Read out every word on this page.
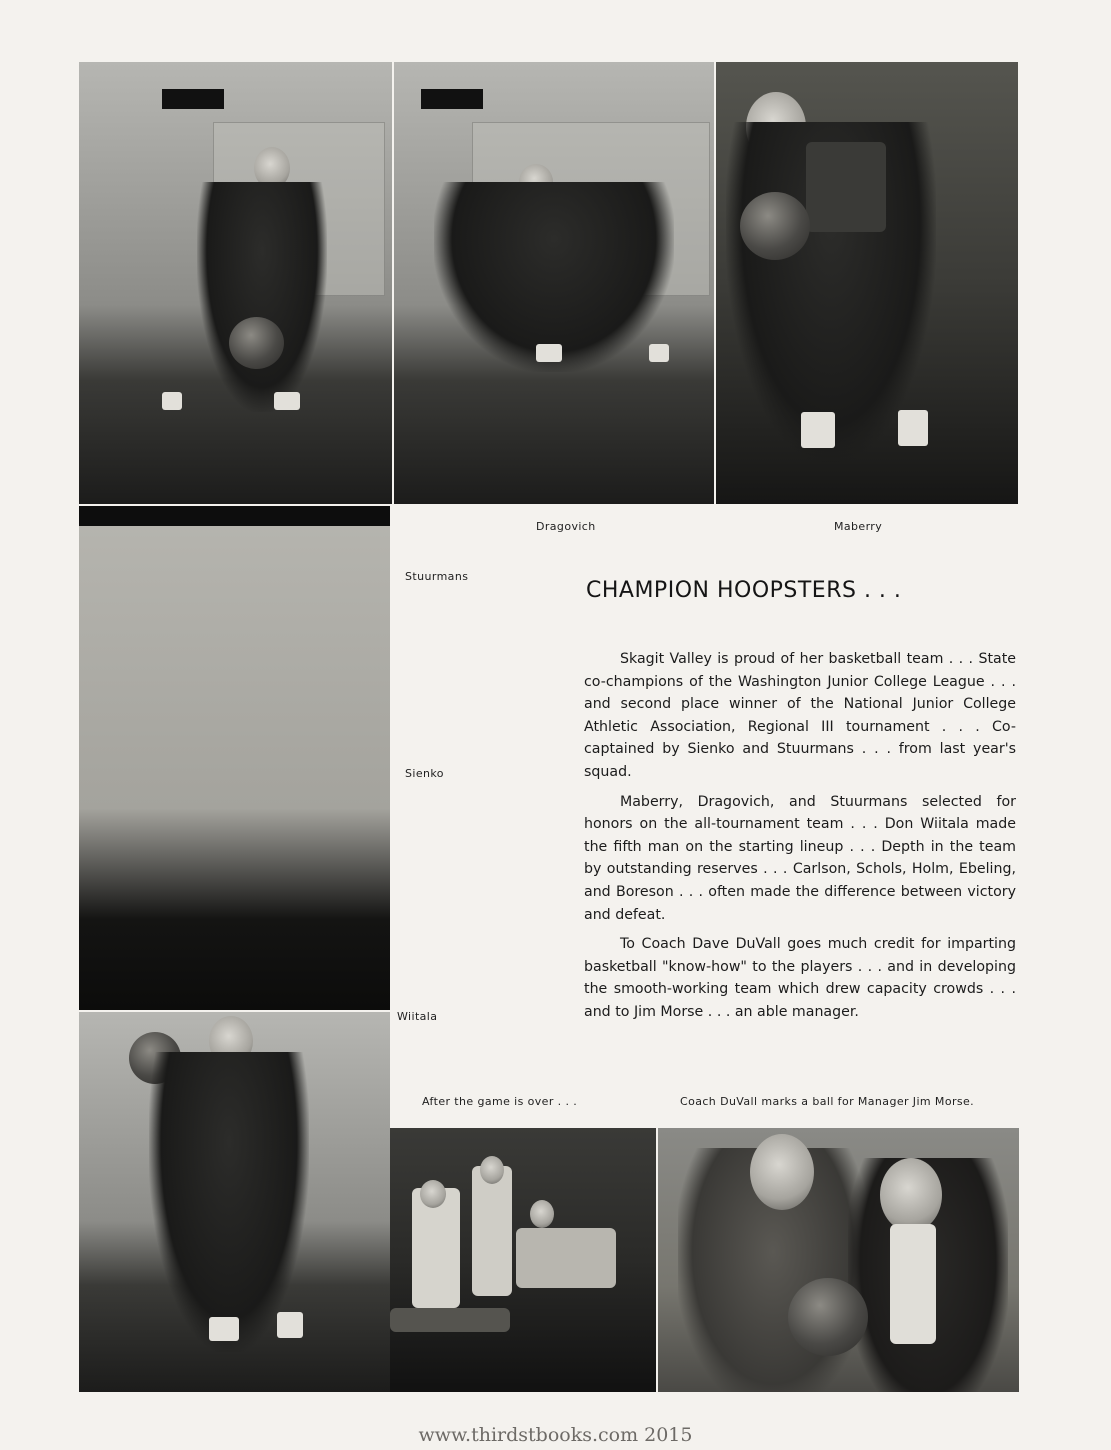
Dragovich	Maberry
Stuurmans
Sienko
Wiitala
After the game is over . . .	Coach DuVall marks a ball for Manager Jim Morse.
CHAMPION HOOPSTERS . . .

Skagit Valley is proud of her basketball team . . . State co-champions of the Washington Junior College League . . . and second place winner of the National Junior College Athletic Association, Regional III tournament . . . Co-captained by Sienko and Stuurmans . . . from last year's squad.

Maberry, Dragovich, and Stuurmans selected for honors on the all-tournament team . . . Don Wiitala made the fifth man on the starting lineup . . . Depth in the team by outstanding reserves . . . Carlson, Schols, Holm, Ebeling, and Boreson . . . often made the difference between victory and defeat.

To Coach Dave DuVall goes much credit for imparting basketball "know-how" to the players . . . and in developing the smooth-working team which drew capacity crowds . . . and to Jim Morse . . . an able manager.

www.thirdstbooks.com 2015
